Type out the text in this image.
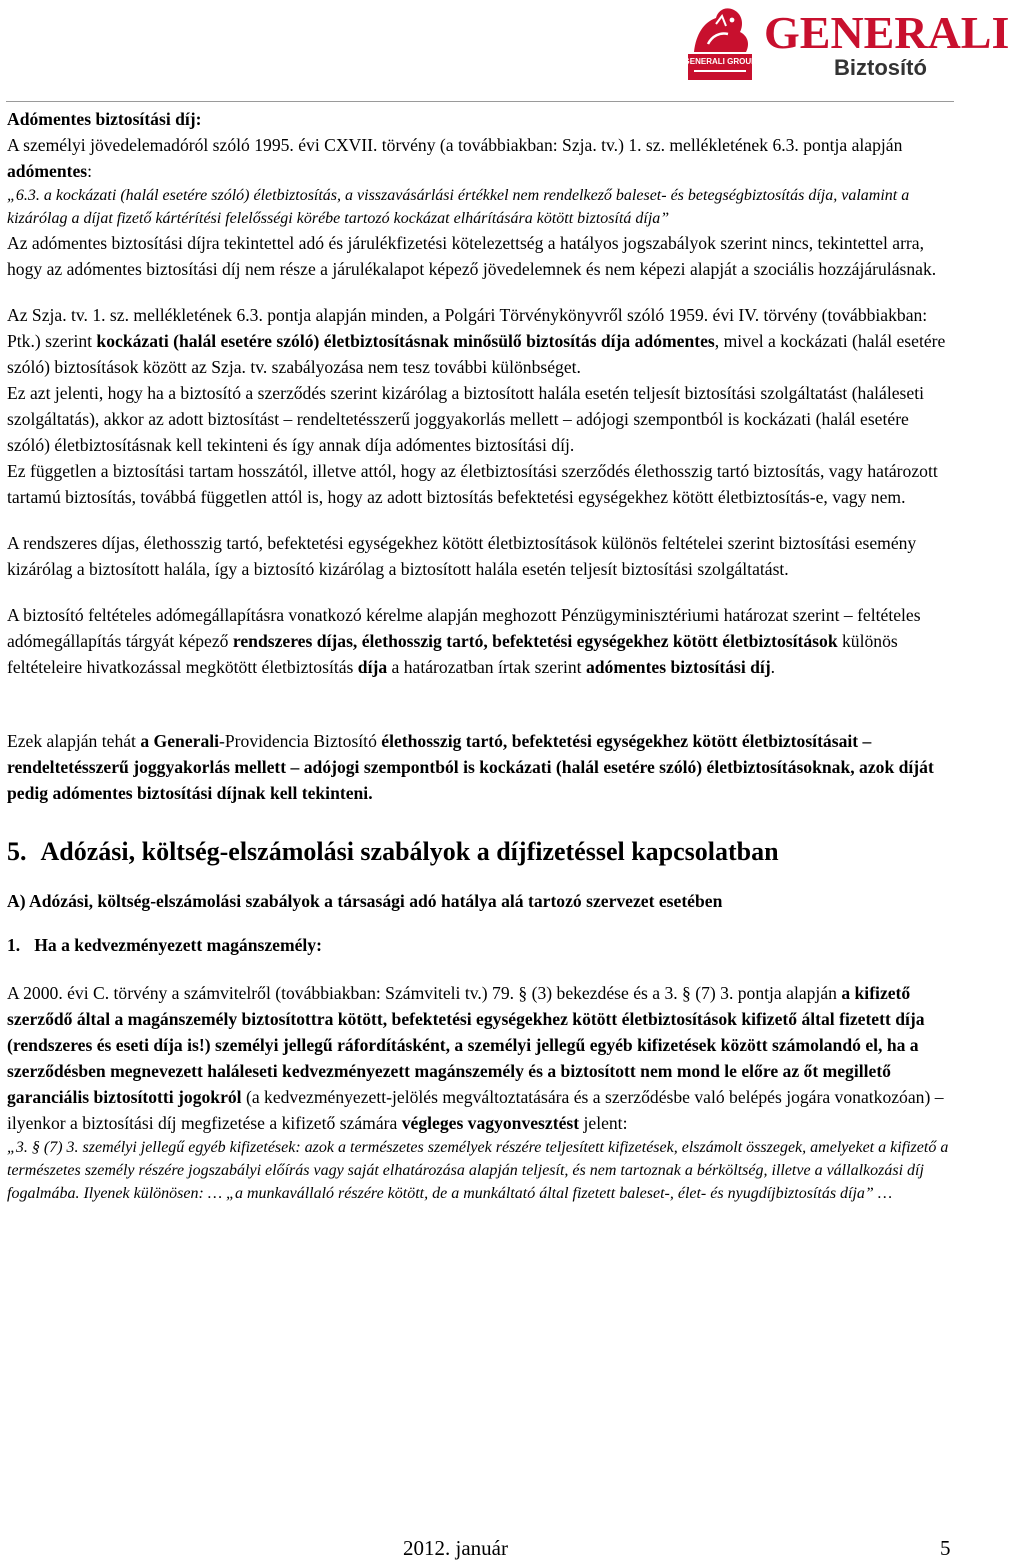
GENERALI GROUP
GENERALI
Biztosító

Adómentes biztosítási díj:

A személyi jövedelemadóról szóló 1995. évi CXVII. törvény (a továbbiakban: Szja. tv.) 1. sz. mellékletének 6.3. pontja alapján adómentes:

„6.3. a kockázati (halál esetére szóló) életbiztosítás, a visszavásárlási értékkel nem rendelkező baleset- és betegségbiztosítás díja, valamint a kizárólag a díjat fizető kártérítési felelősségi körébe tartozó kockázat elhárítására kötött biztosítá díja”

Az adómentes biztosítási díjra tekintettel adó és járulékfizetési kötelezettség a hatályos jogszabályok szerint nincs, tekintettel arra, hogy az adómentes biztosítási díj nem része a járulékalapot képező jövedelemnek és nem képezi alapját a szociális hozzájárulásnak.

Az Szja. tv. 1. sz. mellékletének 6.3. pontja alapján minden, a Polgári Törvénykönyvről szóló 1959. évi IV. törvény (továbbiakban: Ptk.) szerint kockázati (halál esetére szóló) életbiztosításnak minősülő biztosítás díja adómentes, mivel a kockázati (halál esetére szóló) biztosítások között az Szja. tv. szabályozása nem tesz további különbséget.

Ez azt jelenti, hogy ha a biztosító a szerződés szerint kizárólag a biztosított halála esetén teljesít biztosítási szolgáltatást (haláleseti szolgáltatás), akkor az adott biztosítást – rendeltetésszerű joggyakorlás mellett – adójogi szempontból is kockázati (halál esetére szóló) életbiztosításnak kell tekinteni és így annak díja adómentes biztosítási díj.

Ez független a biztosítási tartam hosszától, illetve attól, hogy az életbiztosítási szerződés élethosszig tartó biztosítás, vagy határozott tartamú biztosítás, továbbá független attól is, hogy az adott biztosítás befektetési egységekhez kötött életbiztosítás-e, vagy nem.

A rendszeres díjas, élethosszig tartó, befektetési egységekhez kötött életbiztosítások különös feltételei szerint biztosítási esemény kizárólag a biztosított halála, így a biztosító kizárólag a biztosított halála esetén teljesít biztosítási szolgáltatást.

A biztosító feltételes adómegállapításra vonatkozó kérelme alapján meghozott Pénzügyminisztériumi határozat szerint – feltételes adómegállapítás tárgyát képező rendszeres díjas, élethosszig tartó, befektetési egységekhez kötött életbiztosítások különös feltételeire hivatkozással megkötött életbiztosítás díja a határozatban írtak szerint adómentes biztosítási díj.

Ezek alapján tehát a Generali-Providencia Biztosító élethosszig tartó, befektetési egységekhez kötött életbiztosításait – rendeltetésszerű joggyakorlás mellett – adójogi szempontból is kockázati (halál esetére szóló) életbiztosításoknak, azok díját pedig adómentes biztosítási díjnak kell tekinteni.

5. Adózási, költség-elszámolási szabályok a díjfizetéssel kapcsolatban

A) Adózási, költség-elszámolási szabályok a társasági adó hatálya alá tartozó szervezet esetében

1. Ha a kedvezményezett magánszemély:

A 2000. évi C. törvény a számvitelről (továbbiakban: Számviteli tv.) 79. § (3) bekezdése és a 3. § (7) 3. pontja alapján a kifizető szerződő által a magánszemély biztosítottra kötött, befektetési egységekhez kötött életbiztosítások kifizető által fizetett díja (rendszeres és eseti díja is!) személyi jellegű ráfordításként, a személyi jellegű egyéb kifizetések között számolandó el, ha a szerződésben megnevezett haláleseti kedvezményezett magánszemély és a biztosított nem mond le előre az őt megillető garanciális biztosítotti jogokról (a kedvezményezett-jelölés megváltoztatására és a szerződésbe való belépés jogára vonatkozóan) – ilyenkor a biztosítási díj megfizetése a kifizető számára végleges vagyonvesztést jelent:

„3. § (7) 3. személyi jellegű egyéb kifizetések: azok a természetes személyek részére teljesített kifizetések, elszámolt összegek, amelyeket a kifizető a természetes személy részére jogszabályi előírás vagy saját elhatározása alapján teljesít, és nem tartoznak a bérköltség, illetve a vállalkozási díj fogalmába. Ilyenek különösen: … „a munkavállaló részére kötött, de a munkáltató által fizetett baleset-, élet- és nyugdíjbiztosítás díja” …

2012. január	5
